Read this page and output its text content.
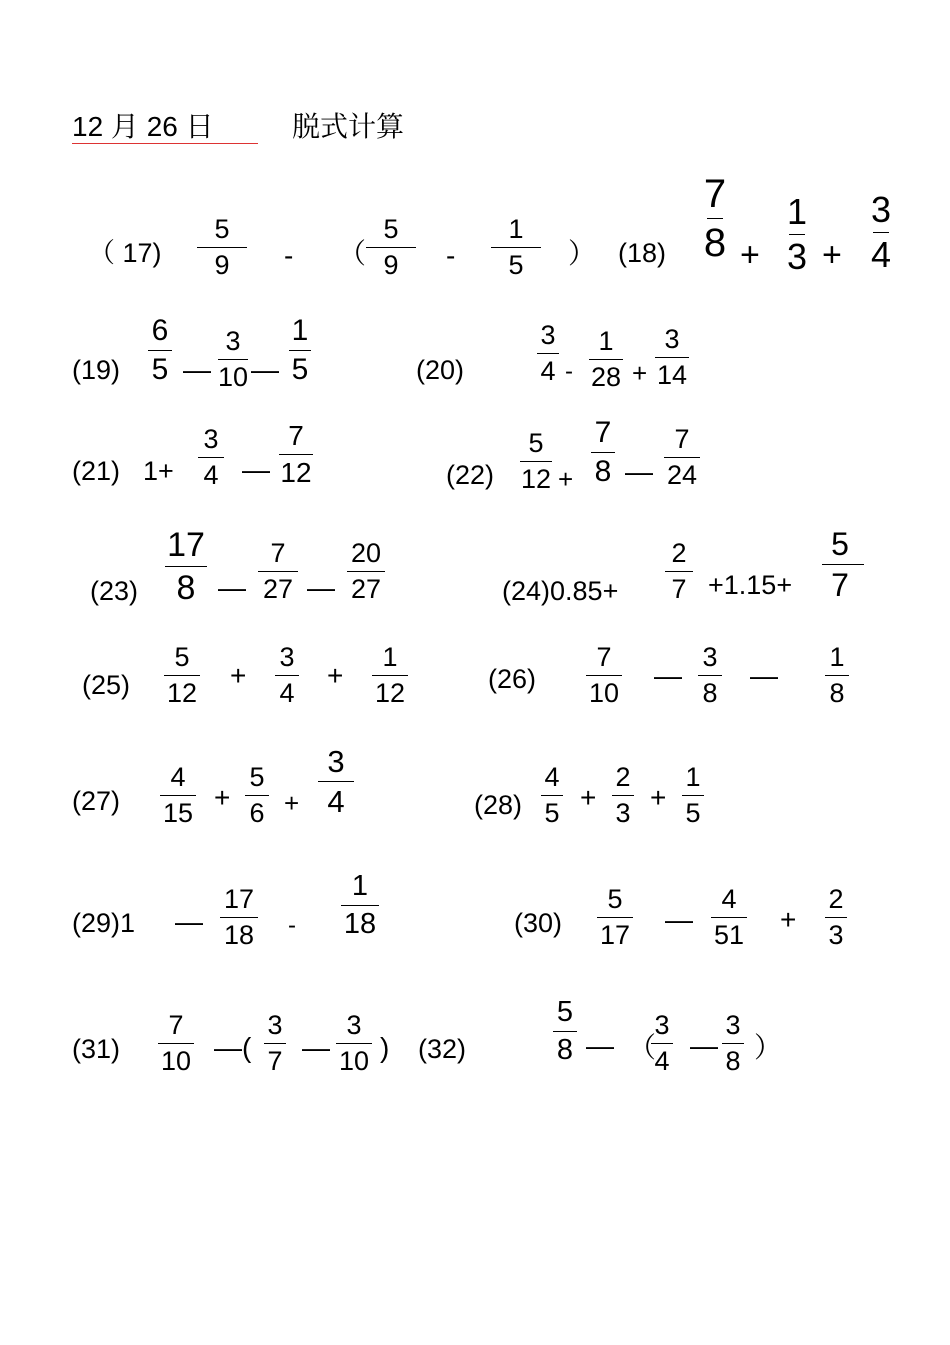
12 月 26 日	脱式计算
（ 17)
5
9	- （
5
9	-
1
5	） (18)
7
8 +
1
3 +
3
4
(19)
6
5 —
3
10 —
1
5	(20)
3
4 -
1
28 +
3
14
(21) 1+
3
4 —
7
12	(22)
5
12 +
7
8 —
7
24
(23)
17
8 —
7
27 —
20
27	(24)0.85+
2
7 +1.15+
5
7
(25)
5
12
+
3
4
+
1
12	(26)
7
10
—
3
8
—
1
8
(27)
4
15 +
5
6 +
3
4	(28)
4
5 +
2
3 +
1
5
(29)1 —
17
18 -
1
18	(30)
5
17 —
4
51 +
2
3
(31)
7
10 —(
3
7 —
3
10 ) (32)
5
8 — （
3
4 —
3
8 ）
